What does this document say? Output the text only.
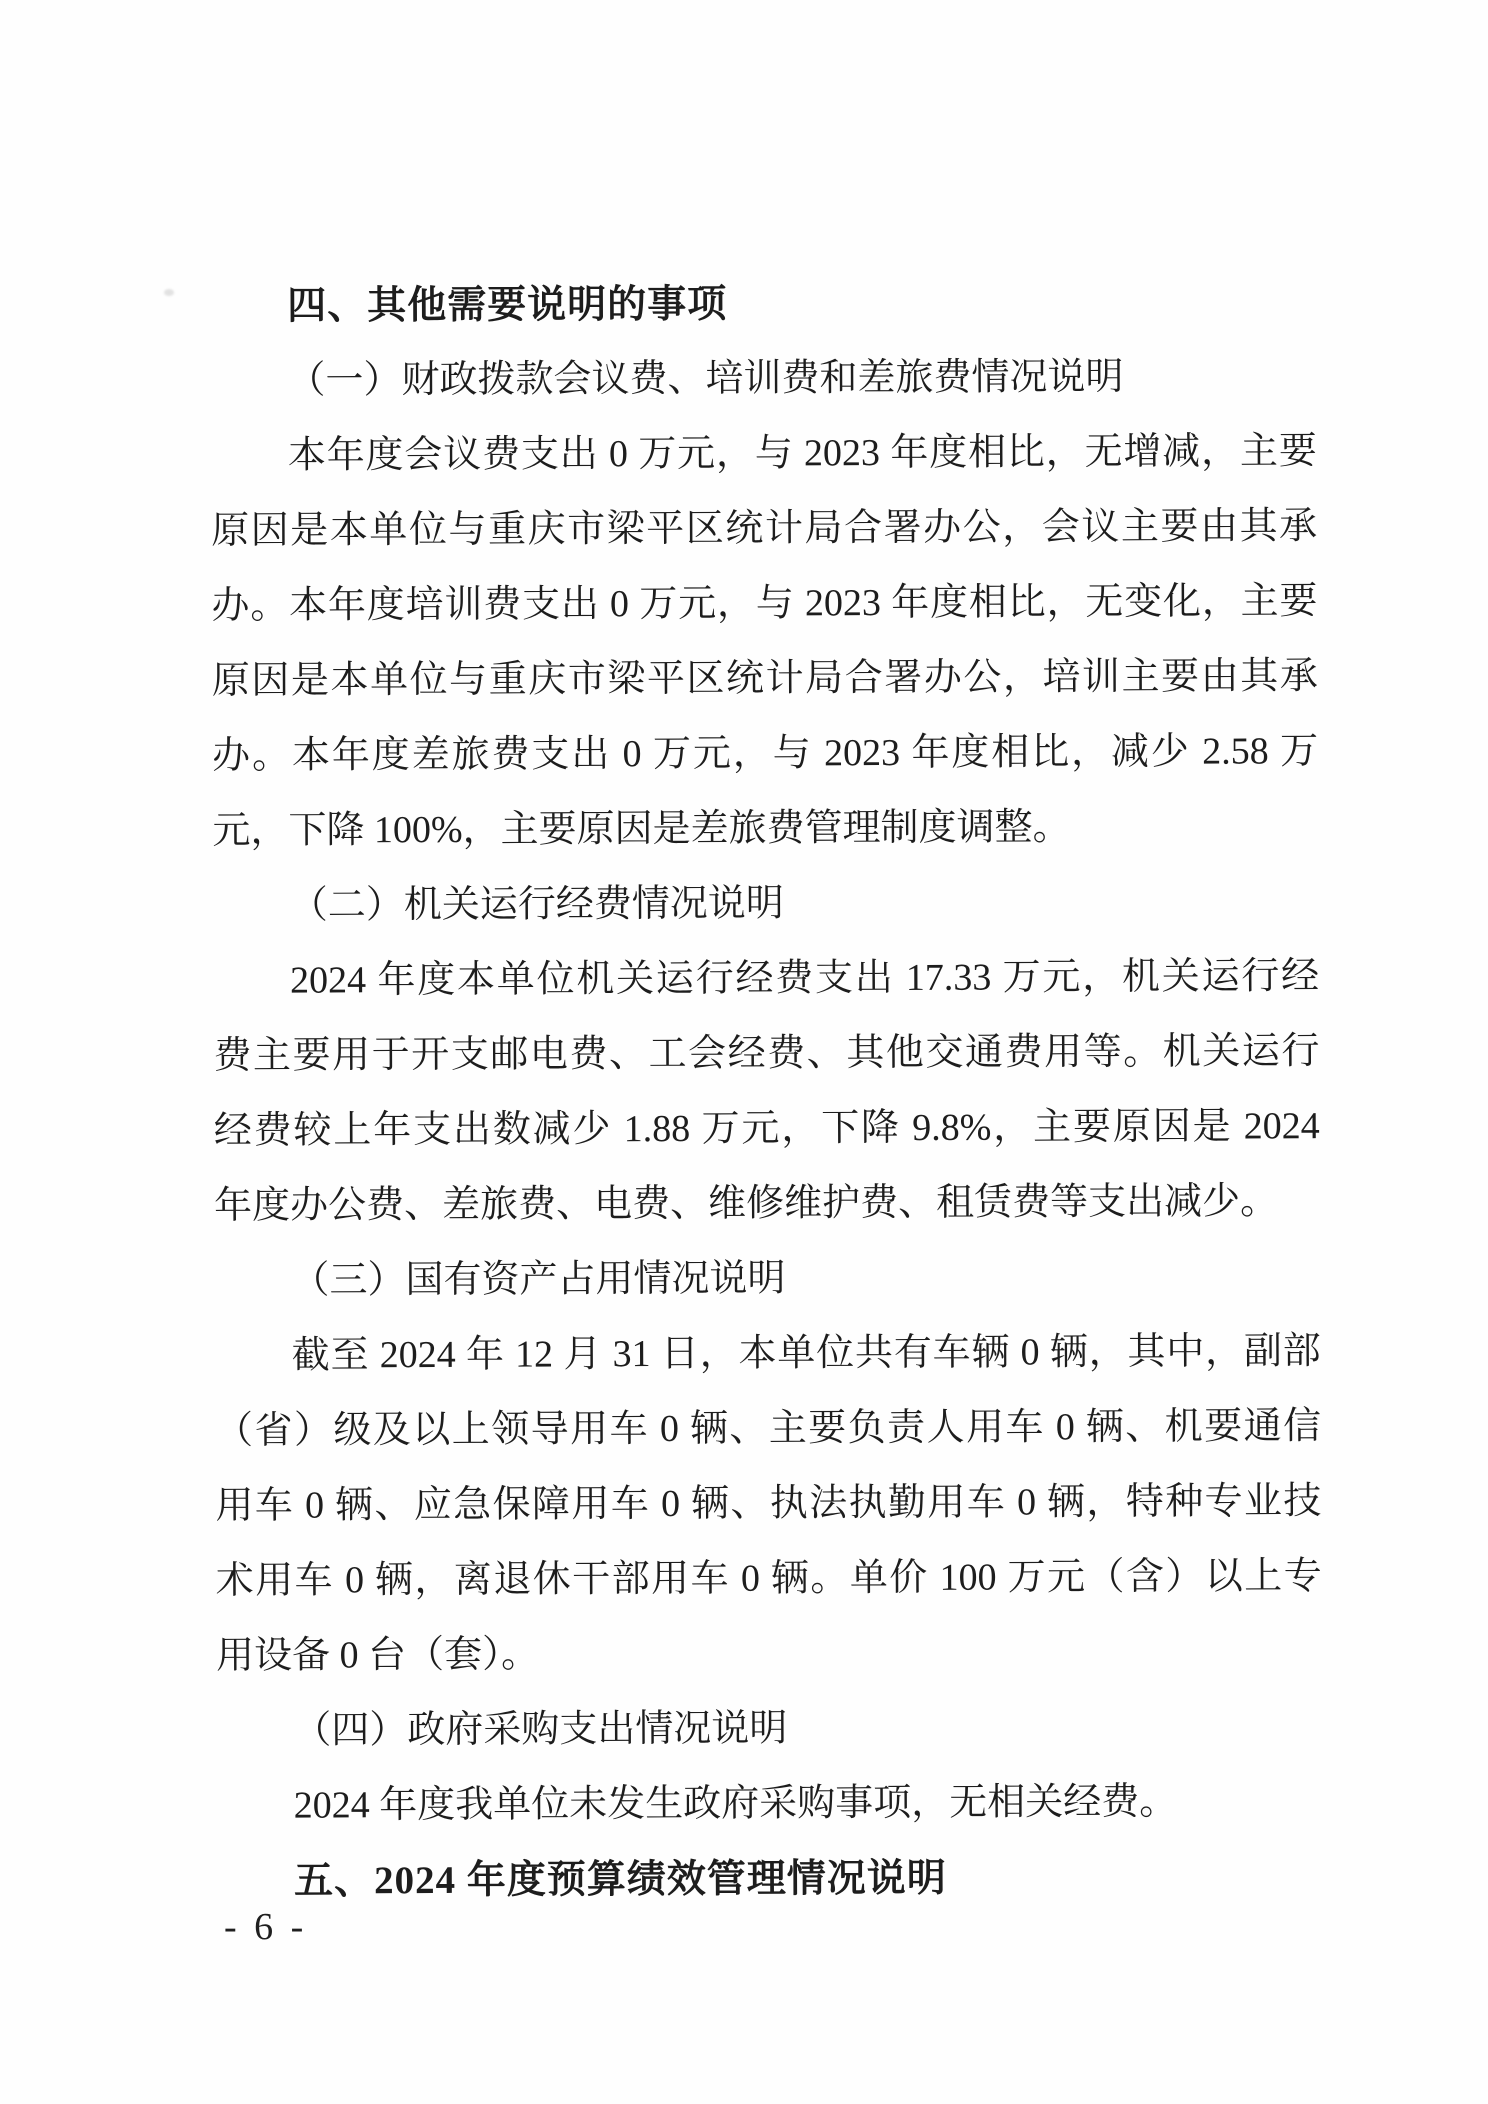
四、其他需要说明的事项
（一）财政拨款会议费、培训费和差旅费情况说明
本年度会议费支出 0 万元，与 2023 年度相比，无增减，主要
原因是本单位与重庆市梁平区统计局合署办公，会议主要由其承
办。本年度培训费支出 0 万元，与 2023 年度相比，无变化，主要
原因是本单位与重庆市梁平区统计局合署办公，培训主要由其承
办。本年度差旅费支出 0 万元，与 2023 年度相比，减少 2.58 万
元，下降 100%，主要原因是差旅费管理制度调整。
（二）机关运行经费情况说明
2024 年度本单位机关运行经费支出 17.33 万元，机关运行经
费主要用于开支邮电费、工会经费、其他交通费用等。机关运行
经费较上年支出数减少 1.88 万元，下降 9.8%，主要原因是 2024
年度办公费、差旅费、电费、维修维护费、租赁费等支出减少。
（三）国有资产占用情况说明
截至 2024 年 12 月 31 日，本单位共有车辆 0 辆，其中，副部
（省）级及以上领导用车 0 辆、主要负责人用车 0 辆、机要通信
用车 0 辆、应急保障用车 0 辆、执法执勤用车 0 辆，特种专业技
术用车 0 辆，离退休干部用车 0 辆。单价 100 万元（含）以上专
用设备 0 台（套）。
（四）政府采购支出情况说明
2024 年度我单位未发生政府采购事项，无相关经费。
五、2024 年度预算绩效管理情况说明
- 6 -
